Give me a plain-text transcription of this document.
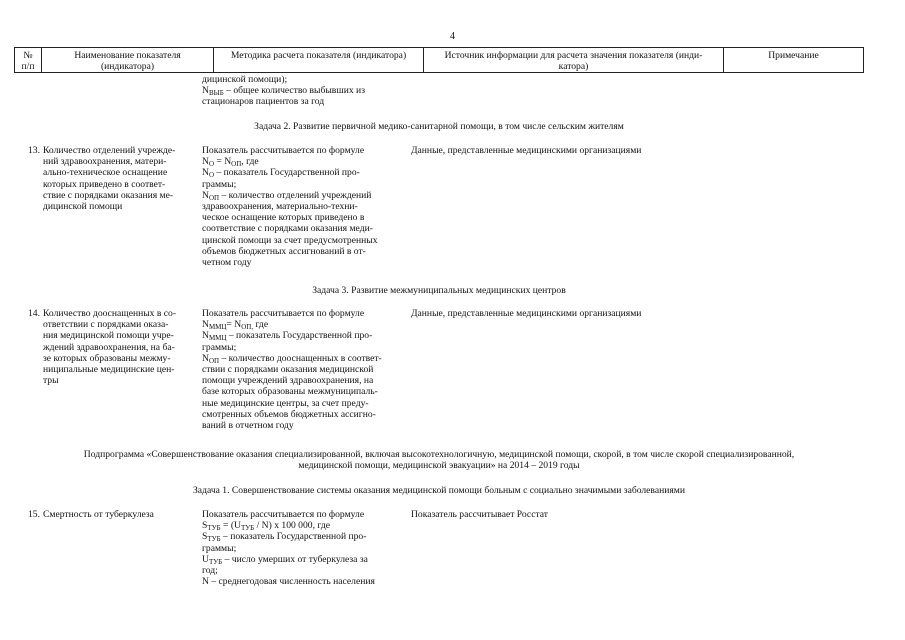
4
№
п/п
Наименование показателя
(индикатора)
Методика расчета показателя (индикатора)	Источник информации для расчета значения показателя (инди-
катора)
Примечание
дицинской помощи);
$N_{ВЫБ}$ – общее количество выбывших из
стационаров пациентов за год
Задача 2. Развитие первичной медико-санитарной помощи, в том числе сельским жителям
13. Количество отделений учрежде-
ний здравоохранения, матери-
ально-техническое оснащение
которых приведено в соответ-
ствие с порядками оказания ме-
дицинской помощи
Показатель рассчитывается по формуле
$N_O = N_{ОП}$, где
$N_O$ – показатель Государственной про-
граммы;
$N_{ОП}$ – количество отделений учреждений
здравоохранения, материально-техни-
ческое оснащение которых приведено в
соответствие с порядками оказания меди-
цинской помощи за счет предусмотренных
объемов бюджетных ассигнований в от-
четном году
Данные, представленные медицинскими организациями
Задача 3. Развитие межмуниципальных медицинских центров
14. Количество дооснащенных в со-
ответствии с порядками оказа-
ния медицинской помощи учре-
ждений здравоохранения, на ба-
зе которых образованы межму-
ниципальные медицинские цен-
тры
Показатель рассчитывается по формуле
$N_{ММЦ}= N_{ОП,}$ где
$N_{ММЦ}$ – показатель Государственной про-
граммы;
$N_{ОП}$ – количество дооснащенных в соответ-
ствии с порядками оказания медицинской
помощи учреждений здравоохранения, на
базе которых образованы межмуниципаль-
ные медицинские центры, за счет преду-
смотренных объемов бюджетных ассигно-
ваний в отчетном году
Данные, представленные медицинскими организациями
Подпрограмма «Совершенствование оказания специализированной, включая высокотехнологичную, медицинской помощи, скорой, в том числе скорой специализированной,
медицинской помощи, медицинской эвакуации» на 2014 – 2019 годы
Задача 1. Совершенствование системы оказания медицинской помощи больным с социально значимыми заболеваниями
15. Смертность от туберкулеза	Показатель рассчитывается по формуле
$S_{ТУБ} = (U_{ТУБ} / N)$ x 100 000, где
$S_{ТУБ}$ – показатель Государственной про-
граммы;
$U_{ТУБ}$ – число умерших от туберкулеза за
год;
N – среднегодовая численность населения
Показатель рассчитывает Росстат
